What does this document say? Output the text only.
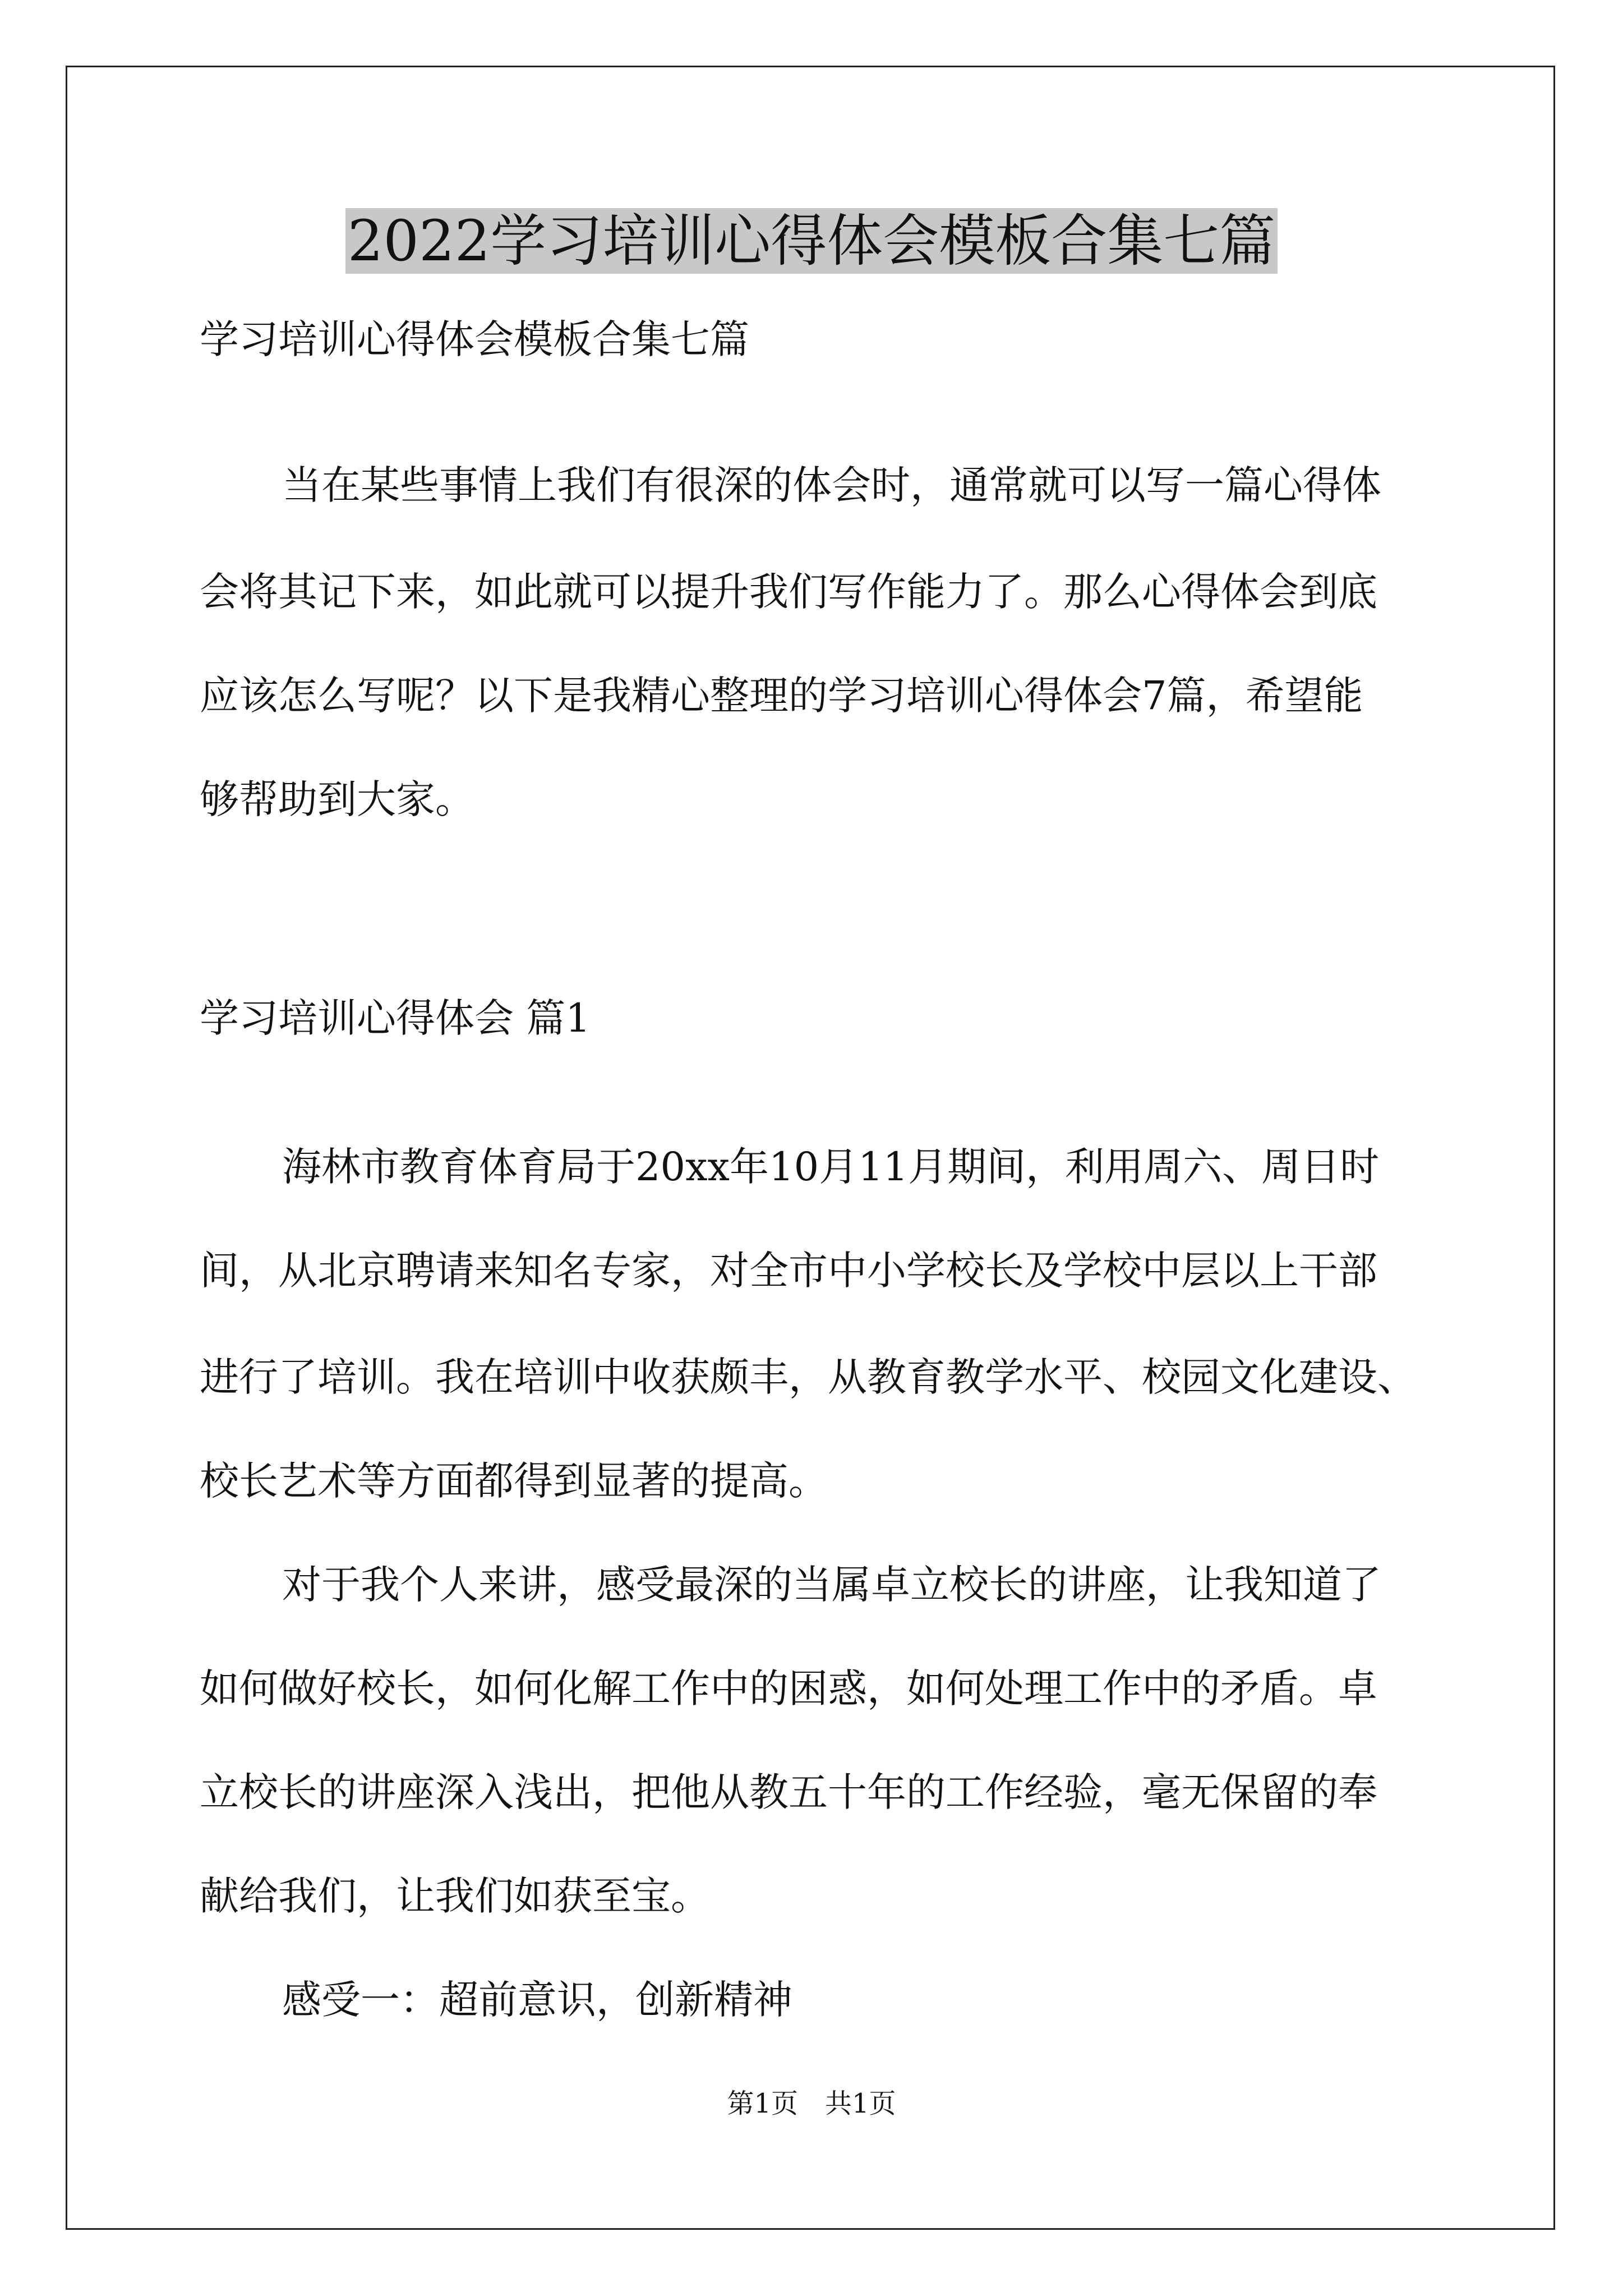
2022学习培训心得体会模板合集七篇
学习培训心得体会模板合集七篇
当在某些事情上我们有很深的体会时，通常就可以写一篇心得体
会将其记下来，如此就可以提升我们写作能力了。那么心得体会到底
应该怎么写呢？以下是我精心整理的学习培训心得体会7篇，希望能
够帮助到大家。
学习培训心得体会 篇1
海林市教育体育局于20xx年10月11月期间，利用周六、周日时
间，从北京聘请来知名专家，对全市中小学校长及学校中层以上干部
进行了培训。我在培训中收获颇丰，从教育教学水平、校园文化建设、
校长艺术等方面都得到显著的提高。
对于我个人来讲，感受最深的当属卓立校长的讲座，让我知道了
如何做好校长，如何化解工作中的困惑，如何处理工作中的矛盾。卓
立校长的讲座深入浅出，把他从教五十年的工作经验，毫无保留的奉
献给我们，让我们如获至宝。
感受一：超前意识，创新精神
第1页　共1页
